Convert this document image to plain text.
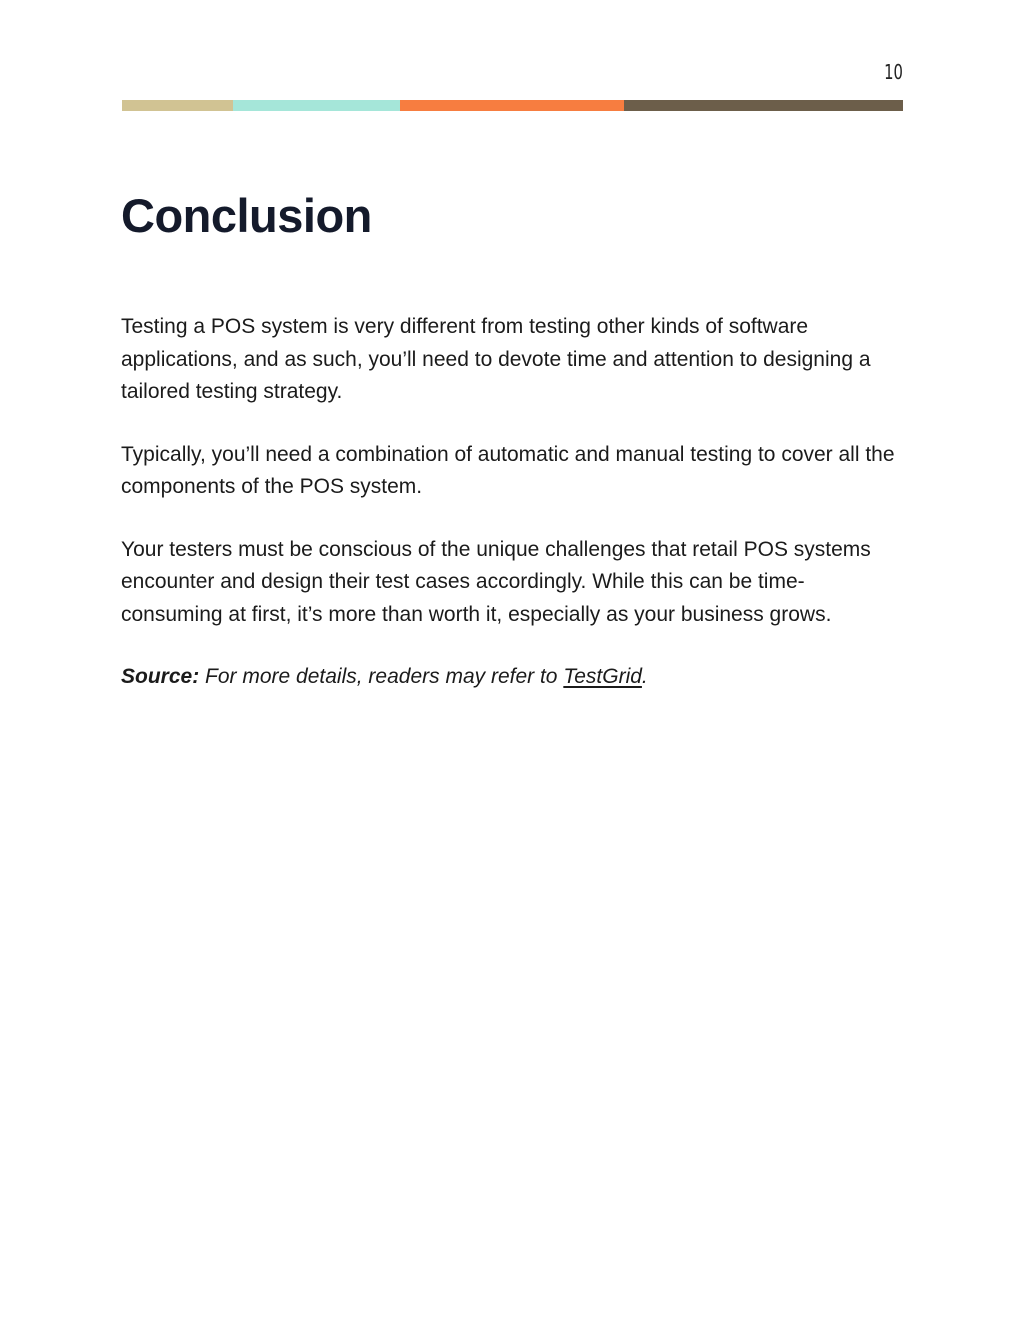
10
Conclusion

Testing a POS system is very different from testing other kinds of software applications, and as such, you’ll need to devote time and attention to designing a tailored testing strategy.

Typically, you’ll need a combination of automatic and manual testing to cover all the components of the POS system.

Your testers must be conscious of the unique challenges that retail POS systems encounter and design their test cases accordingly. While this can be time-consuming at first, it’s more than worth it, especially as your business grows.

Source: For more details, readers may refer to TestGrid.
